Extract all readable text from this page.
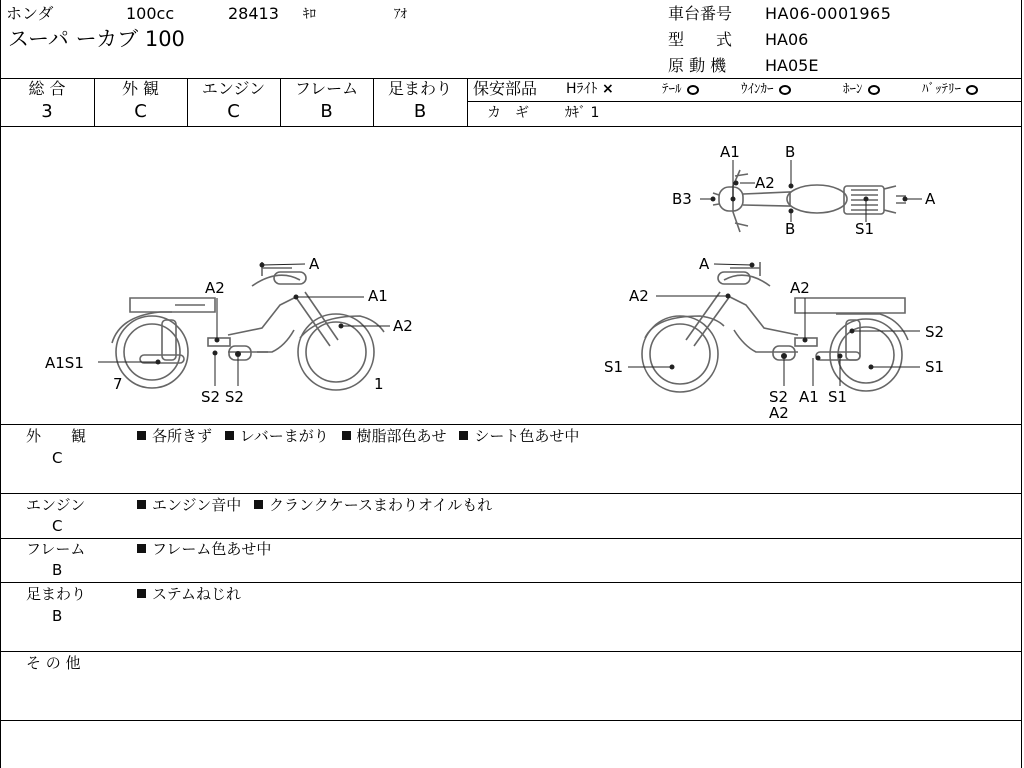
ホンダ	100cc	28413 ｷﾛ	ｱｵ
スーパ ーカブ 100
車台番号 HA06-0001965
型　　式 HA06
原 動 機 HA05E
総 合	外 観	エンジン	フレーム	足まわり
3	C	C	B	B
保安部品 Hﾗｲﾄ ×	ﾃｰﾙ	ｳｲﾝｶｰ	ﾎｰﾝ	ﾊﾞｯﾃﾘｰ
カ　ギ	ｶｷﾞ 1
A1	B
A2
B3	A
B	S1
A
A2	A1
A2
A1S1
7
S2 S2
1
A
A2	A2
S2
S1	S1
S2 A1 S1
A2
外　　観
C
各所きず レバーまがり 樹脂部色あせ シート色あせ中
エンジン
C
エンジン音中 クランクケースまわりオイルもれ
フレーム
B
フレーム色あせ中
足まわり
B
ステムねじれ
そ の 他
